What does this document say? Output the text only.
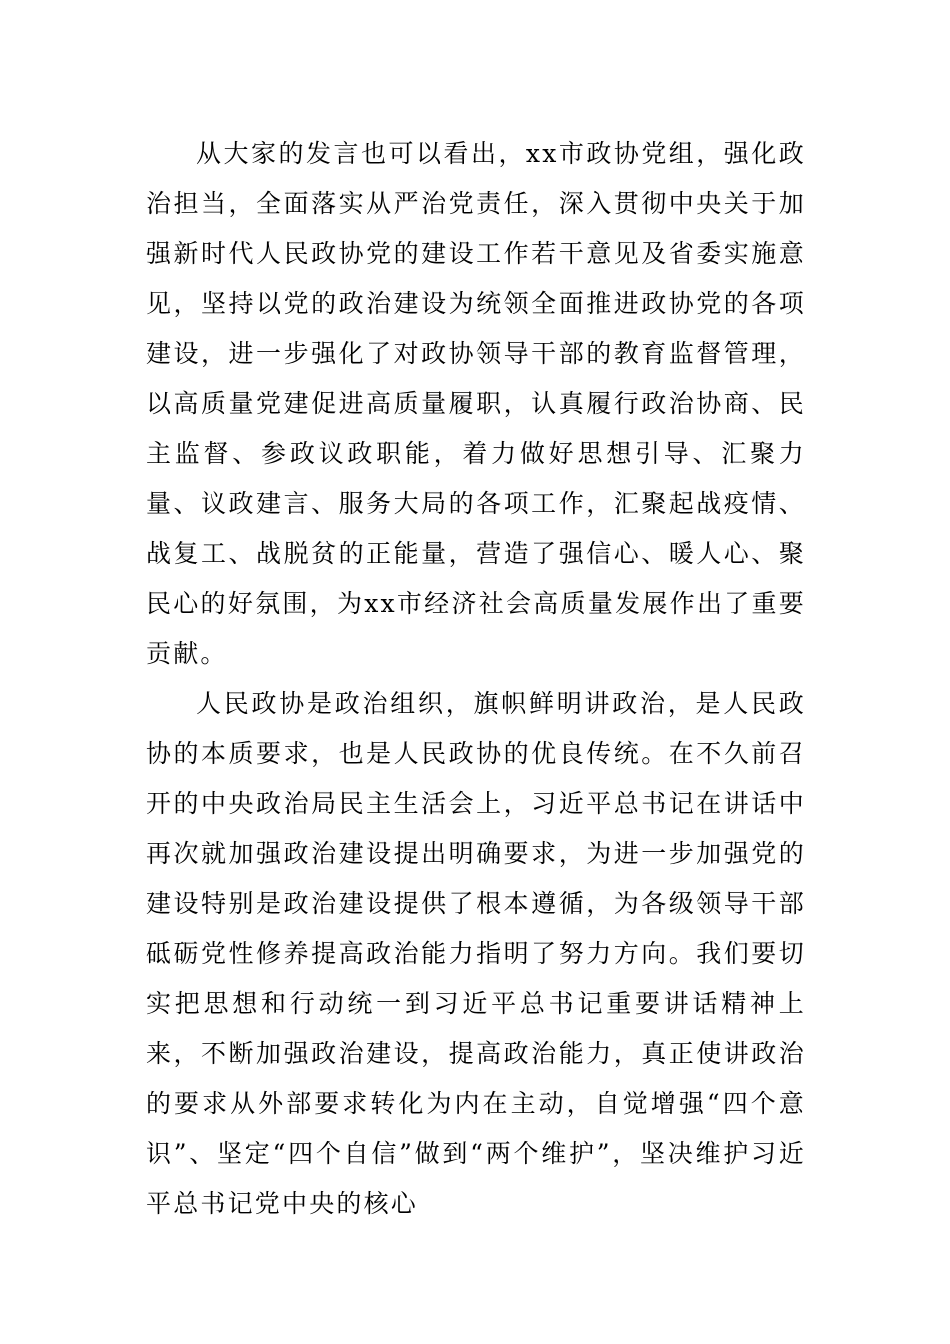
从大家的发言也可以看出，xx市政协党组，强化政治担当，全面落实从严治党责任，深入贯彻中央关于加强新时代人民政协党的建设工作若干意见及省委实施意见，坚持以党的政治建设为统领全面推进政协党的各项建设，进一步强化了对政协领导干部的教育监督管理，以高质量党建促进高质量履职，认真履行政治协商、民主监督、参政议政职能，着力做好思想引导、汇聚力量、议政建言、服务大局的各项工作，汇聚起战疫情、战复工、战脱贫的正能量，营造了强信心、暖人心、聚民心的好氛围，为xx市经济社会高质量发展作出了重要贡献。

人民政协是政治组织，旗帜鲜明讲政治，是人民政协的本质要求，也是人民政协的优良传统。在不久前召开的中央政治局民主生活会上，习近平总书记在讲话中再次就加强政治建设提出明确要求，为进一步加强党的建设特别是政治建设提供了根本遵循，为各级领导干部砥砺党性修养提高政治能力指明了努力方向。我们要切实把思想和行动统一到习近平总书记重要讲话精神上来，不断加强政治建设，提高政治能力，真正使讲政治的要求从外部要求转化为内在主动，自觉增强“四个意识”、坚定“四个自信”做到“两个维护”，坚决维护习近平总书记党中央的核心
